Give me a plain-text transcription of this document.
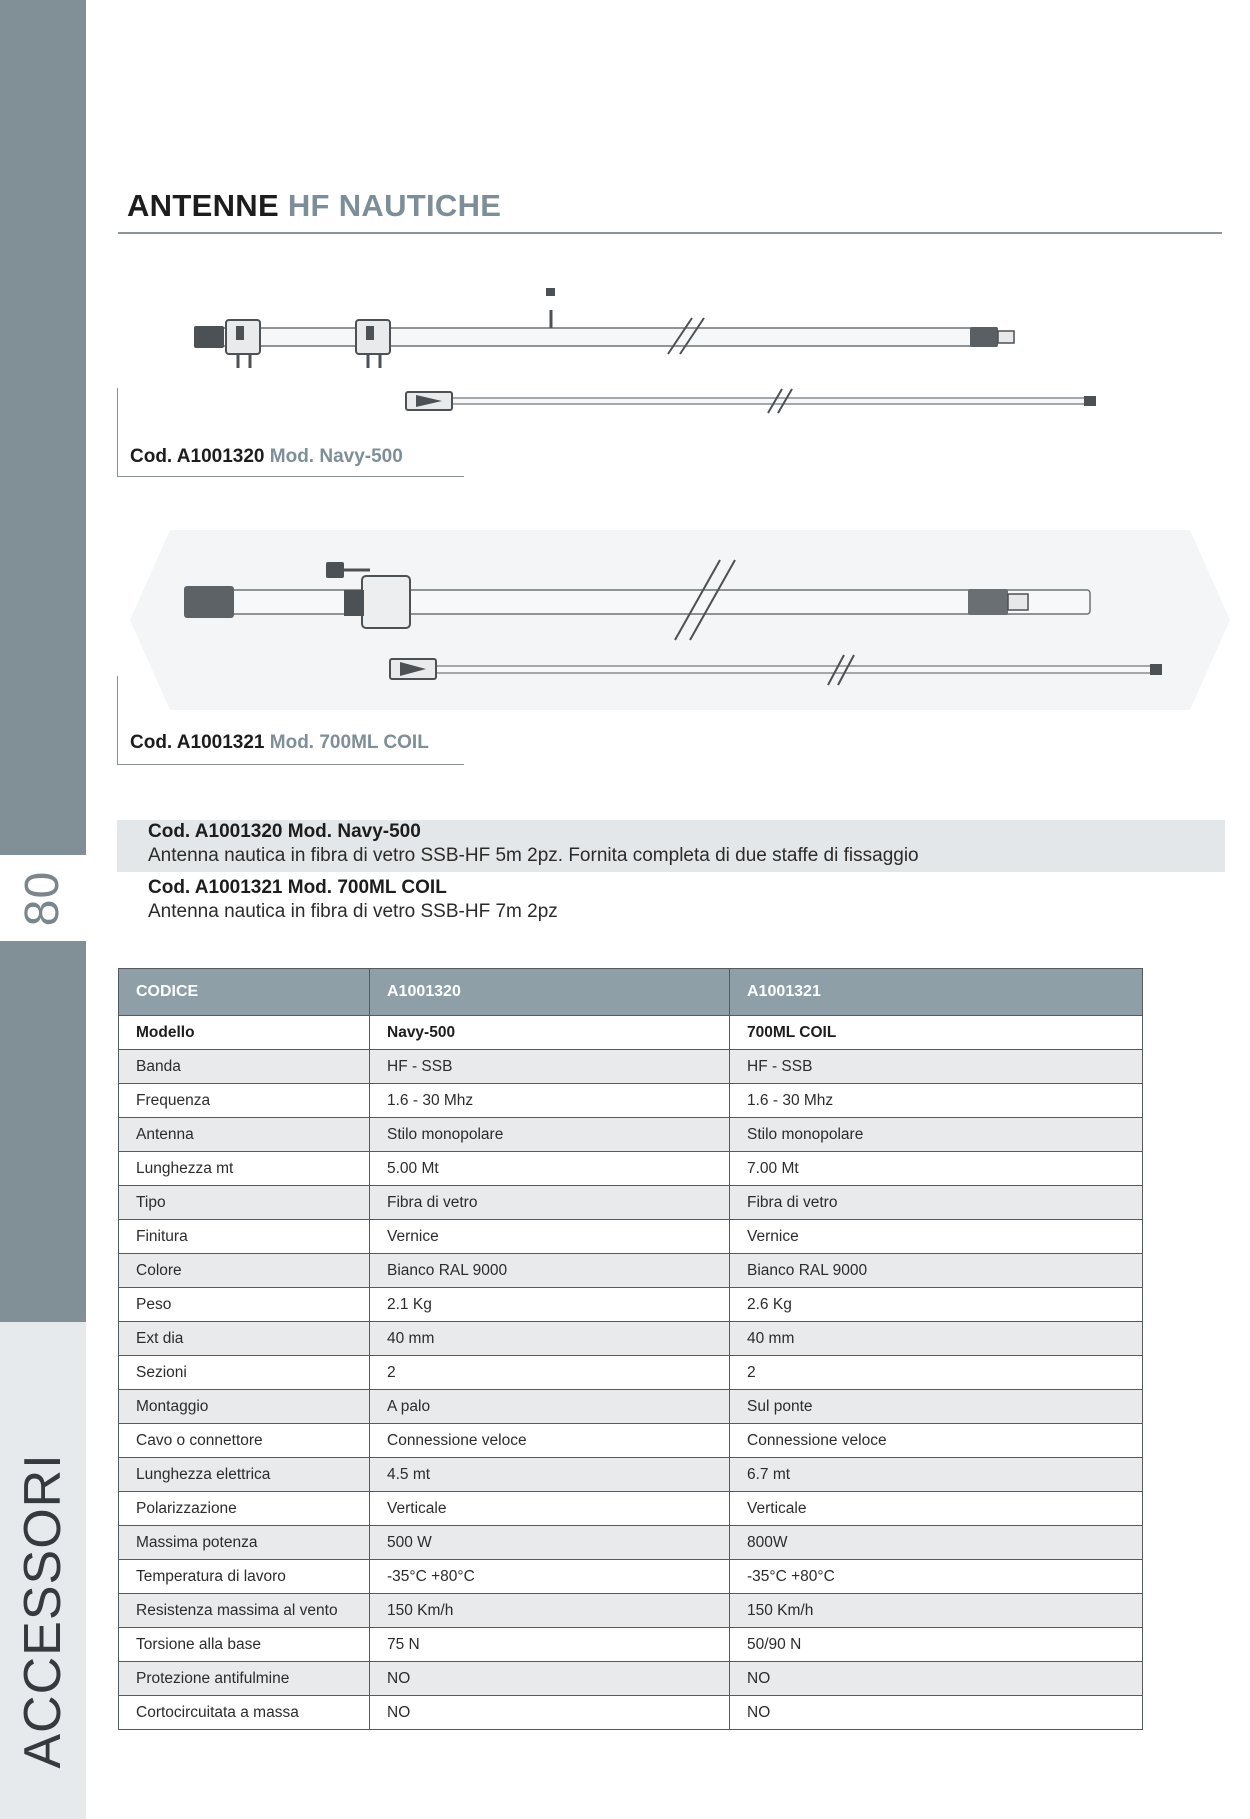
80
ACCESSORI
ANTENNE HF NAUTICHE
Cod. A1001320 Mod. Navy-500
Cod. A1001321 Mod. 700ML COIL
Cod. A1001320 Mod. Navy-500
Antenna nautica in fibra di vetro SSB-HF 5m 2pz. Fornita completa di due staffe di fissaggio
Cod. A1001321 Mod. 700ML COIL
Antenna nautica in fibra di vetro SSB-HF 7m 2pz
CODICE	A1001320	A1001321
Modello	Navy-500	700ML COIL
Banda	HF - SSB	HF - SSB
Frequenza	1.6 - 30 Mhz	1.6 - 30 Mhz
Antenna	Stilo monopolare	Stilo monopolare
Lunghezza mt	5.00 Mt	7.00 Mt
Tipo	Fibra di vetro	Fibra di vetro
Finitura	Vernice	Vernice
Colore	Bianco RAL 9000	Bianco RAL 9000
Peso	2.1 Kg	2.6 Kg
Ext dia	40 mm	40 mm
Sezioni	2	2
Montaggio	A palo	Sul ponte
Cavo o connettore	Connessione veloce	Connessione veloce
Lunghezza elettrica	4.5 mt	6.7 mt
Polarizzazione	Verticale	Verticale
Massima potenza	500 W	800W
Temperatura di lavoro	-35°C +80°C	-35°C +80°C
Resistenza massima al vento	150 Km/h	150 Km/h
Torsione alla base	75 N	50/90 N
Protezione antifulmine	NO	NO
Cortocircuitata a massa	NO	NO
